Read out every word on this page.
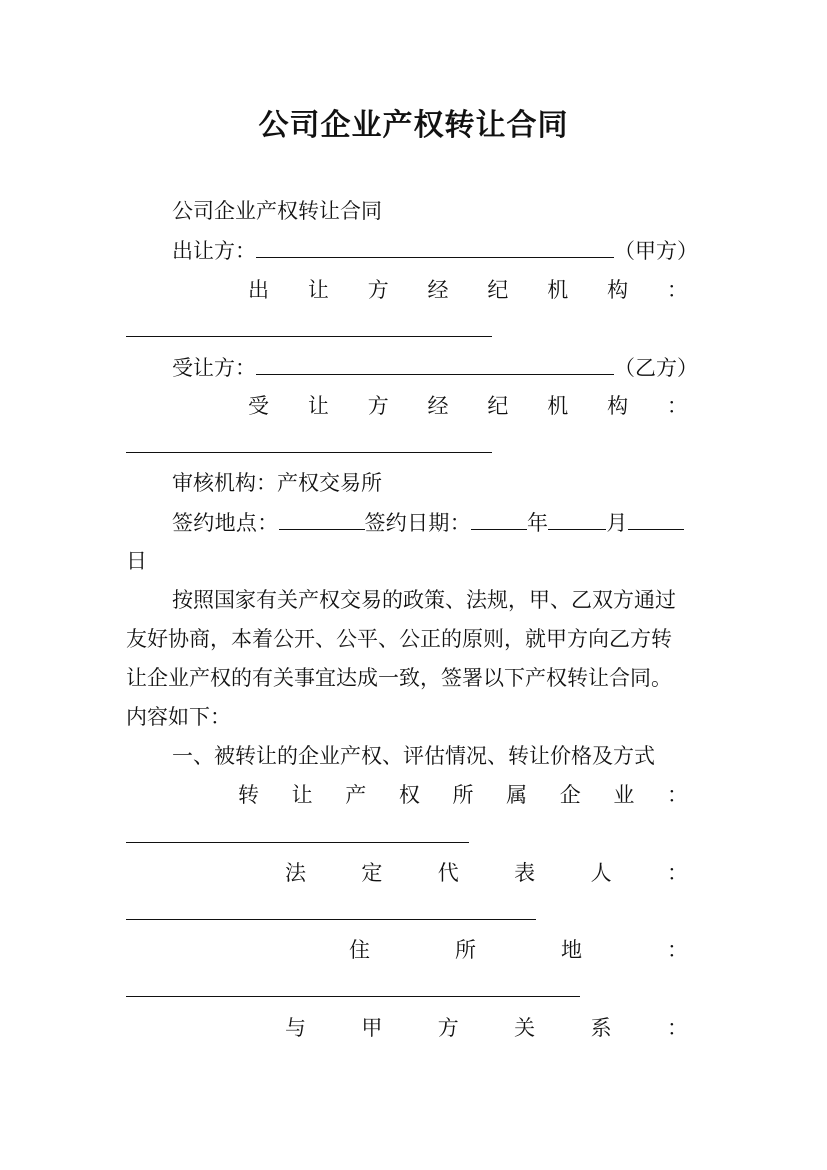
公司企业产权转让合同
公司企业产权转让合同
出让方：	（甲方）
出 让 方 经 纪 机 构 ：
受让方：	（乙方）
受 让 方 经 纪 机 构 ：
审核机构：产权交易所
签约地点：	签约日期：	年	月
日
按照国家有关产权交易的政策、法规，甲、乙双方通过
友好协商，本着公开、公平、公正的原则，就甲方向乙方转
让企业产权的有关事宜达成一致，签署以下产权转让合同。
内容如下：
一、被转让的企业产权、评估情况、转让价格及方式
转 让 产 权 所 属 企 业 ：
法	定	代	表	人	：
住	所	地	：
与	甲	方	关	系	：
